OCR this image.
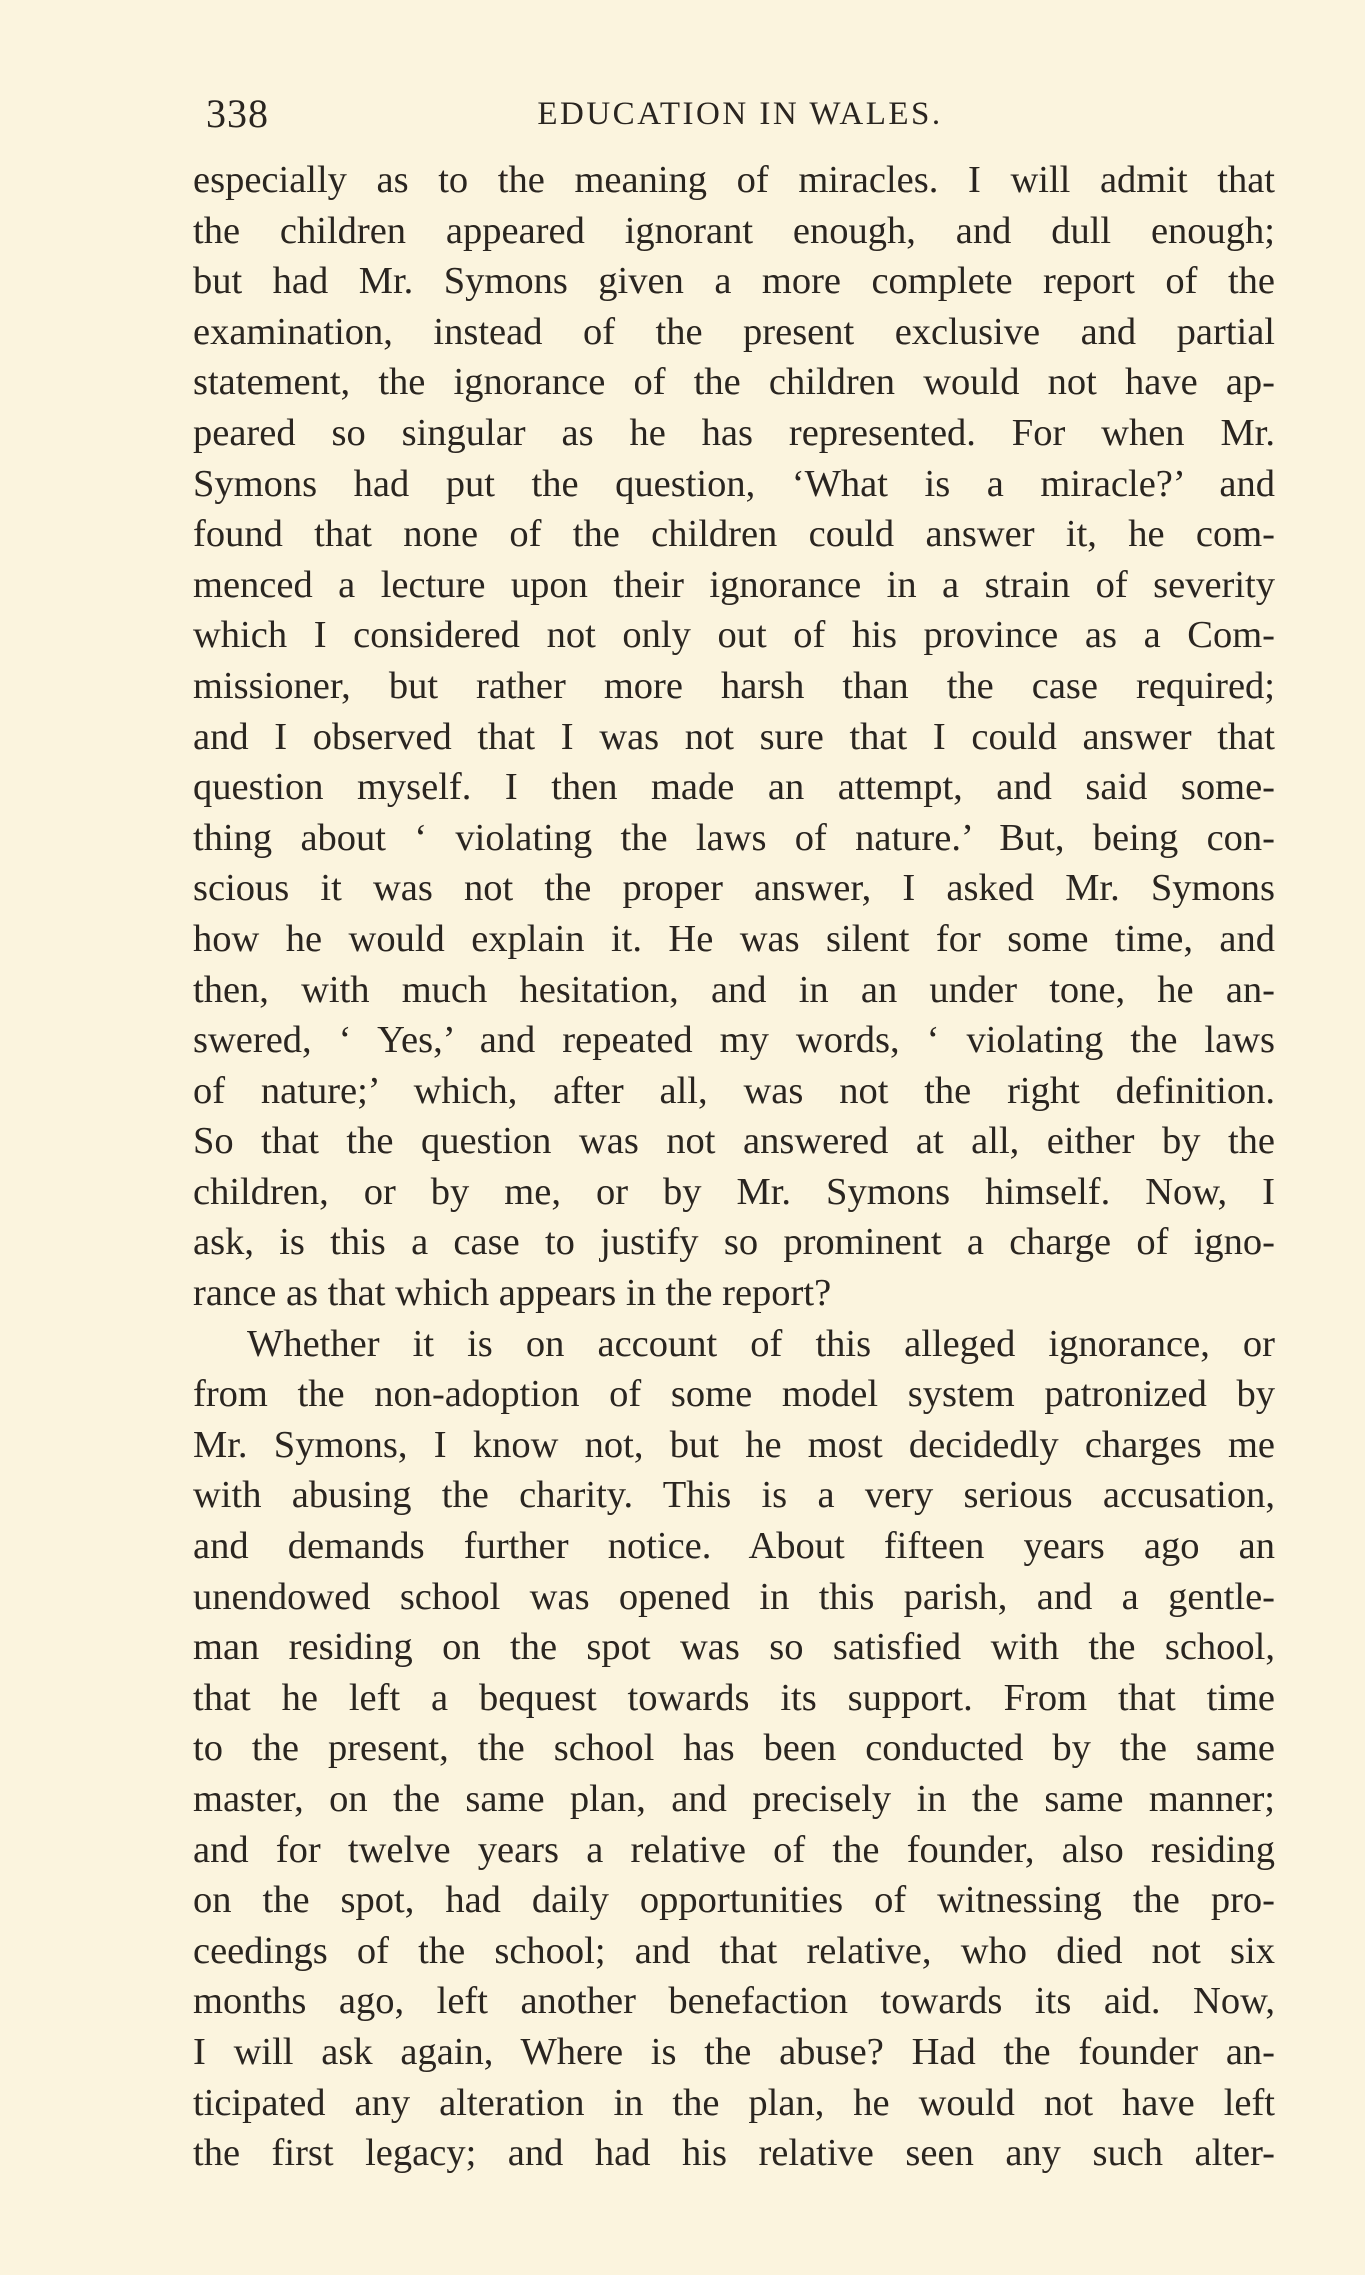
338	EDUCATION IN WALES.
especially as to the meaning of miracles. I will admit that
the children appeared ignorant enough, and dull enough;
but had Mr. Symons given a more complete report of the
examination, instead of the present exclusive and partial
statement, the ignorance of the children would not have ap-
peared so singular as he has represented. For when Mr.
Symons had put the question, ‘What is a miracle?’ and
found that none of the children could answer it, he com-
menced a lecture upon their ignorance in a strain of severity
which I considered not only out of his province as a Com-
missioner, but rather more harsh than the case required;
and I observed that I was not sure that I could answer that
question myself. I then made an attempt, and said some-
thing about ‘ violating the laws of nature.’ But, being con-
scious it was not the proper answer, I asked Mr. Symons
how he would explain it. He was silent for some time, and
then, with much hesitation, and in an under tone, he an-
swered, ‘ Yes,’ and repeated my words, ‘ violating the laws
of nature;’ which, after all, was not the right definition.
So that the question was not answered at all, either by the
children, or by me, or by Mr. Symons himself. Now, I
ask, is this a case to justify so prominent a charge of igno-
rance as that which appears in the report?
Whether it is on account of this alleged ignorance, or
from the non-adoption of some model system patronized by
Mr. Symons, I know not, but he most decidedly charges me
with abusing the charity. This is a very serious accusation,
and demands further notice. About fifteen years ago an
unendowed school was opened in this parish, and a gentle-
man residing on the spot was so satisfied with the school,
that he left a bequest towards its support. From that time
to the present, the school has been conducted by the same
master, on the same plan, and precisely in the same manner;
and for twelve years a relative of the founder, also residing
on the spot, had daily opportunities of witnessing the pro-
ceedings of the school; and that relative, who died not six
months ago, left another benefaction towards its aid. Now,
I will ask again, Where is the abuse? Had the founder an-
ticipated any alteration in the plan, he would not have left
the first legacy; and had his relative seen any such alter-
